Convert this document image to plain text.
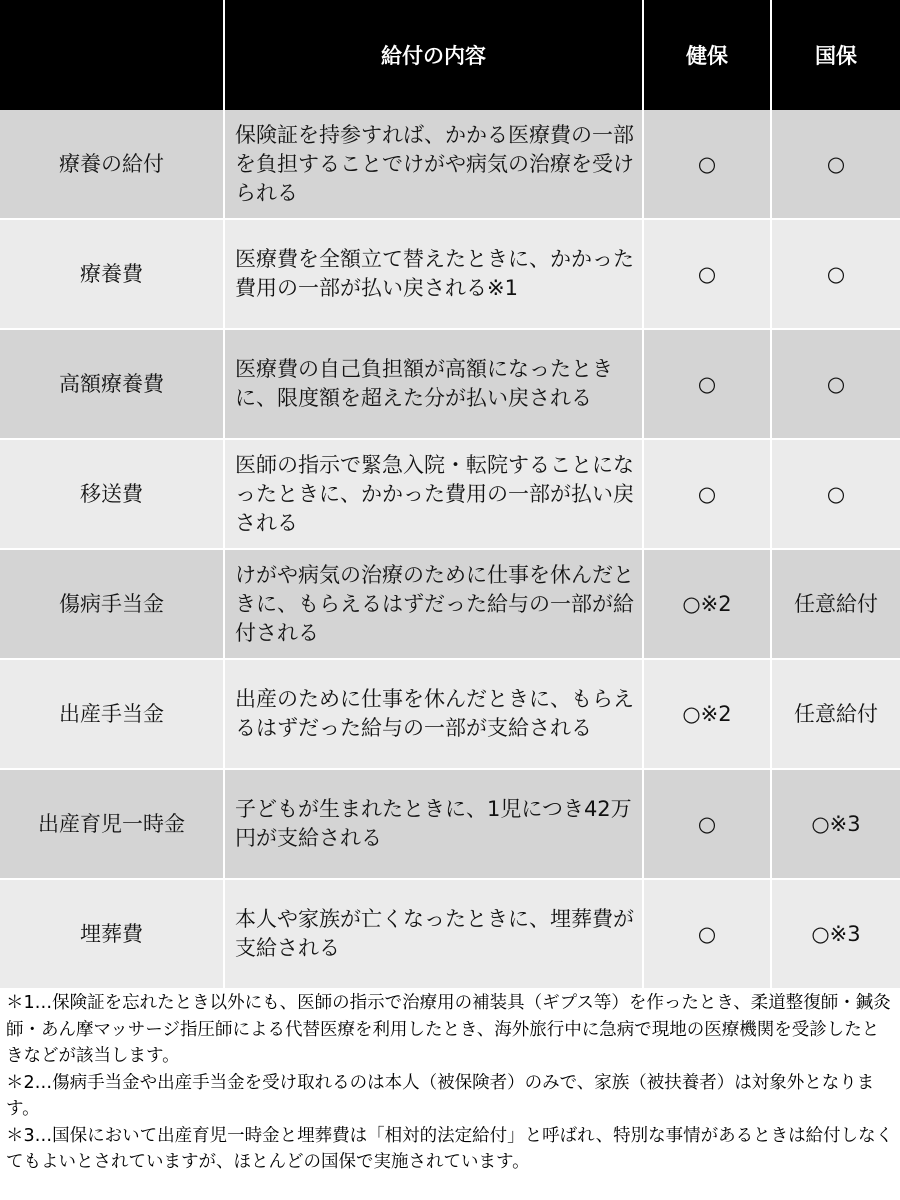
	給付の内容	健保	国保
療養の給付	保険証を持参すれば、かかる医療費の一部を負担することでけがや病気の治療を受けられる	○	○
療養費	医療費を全額立て替えたときに、かかった費用の一部が払い戻される※1	○	○
高額療養費	医療費の自己負担額が高額になったときに、限度額を超えた分が払い戻される	○	○
移送費	医師の指示で緊急入院・転院することになったときに、かかった費用の一部が払い戻される	○	○
傷病手当金	けがや病気の治療のために仕事を休んだときに、もらえるはずだった給与の一部が給付される	○※2	任意給付
出産手当金	出産のために仕事を休んだときに、もらえるはずだった給与の一部が支給される	○※2	任意給付
出産育児一時金	子どもが生まれたときに、1児につき42万円が支給される	○	○※3
埋葬費	本人や家族が亡くなったときに、埋葬費が支給される	○	○※3

＊1…保険証を忘れたとき以外にも、医師の指示で治療用の補装具（ギプス等）を作ったとき、柔道整復師・鍼灸師・あん摩マッサージ指圧師による代替医療を利用したとき、海外旅行中に急病で現地の医療機関を受診したときなどが該当します。

＊2…傷病手当金や出産手当金を受け取れるのは本人（被保険者）のみで、家族（被扶養者）は対象外となります。

＊3…国保において出産育児一時金と埋葬費は「相対的法定給付」と呼ばれ、特別な事情があるときは給付しなくてもよいとされていますが、ほとんどの国保で実施されています。
